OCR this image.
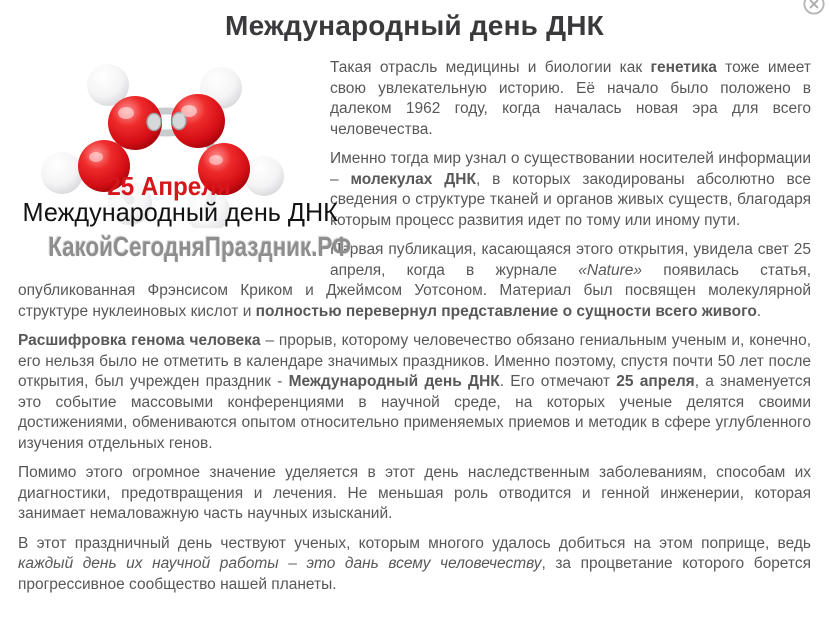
Международный день ДНК
25 Апреля
Международный день ДНК
КакойСегодняПраздник.РФ

Такая отрасль медицины и биологии как генетика тоже имеет свою увлекательную историю. Её начало было положено в далеком 1962 году, когда началась новая эра для всего человечества.

Именно тогда мир узнал о существовании носителей информации – молекулах ДНК, в которых закодированы абсолютно все сведения о структуре тканей и органов живых существ, благодаря которым процесс развития идет по тому или иному пути.

Первая публикация, касающаяся этого открытия, увидела свет 25 апреля, когда в журнале «Nature» появилась статья, опубликованная Фрэнсисом Криком и Джеймсом Уотсоном. Материал был посвящен молекулярной структуре нуклеиновых кислот и полностью перевернул представление о сущности всего живого.

Расшифровка генома человека – прорыв, которому человечество обязано гениальным ученым и, конечно, его нельзя было не отметить в календаре значимых праздников. Именно поэтому, спустя почти 50 лет после открытия, был учрежден праздник - Международный день ДНК. Его отмечают 25 апреля, а знаменуется это событие массовыми конференциями в научной среде, на которых ученые делятся своими достижениями, обмениваются опытом относительно применяемых приемов и методик в сфере углубленного изучения отдельных генов.

Помимо этого огромное значение уделяется в этот день наследственным заболеваниям, способам их диагностики, предотвращения и лечения. Не меньшая роль отводится и генной инженерии, которая занимает немаловажную часть научных изысканий.

В этот праздничный день чествуют ученых, которым многого удалось добиться на этом поприще, ведь каждый день их научной работы – это дань всему человечеству, за процветание которого борется прогрессивное сообщество нашей планеты.
